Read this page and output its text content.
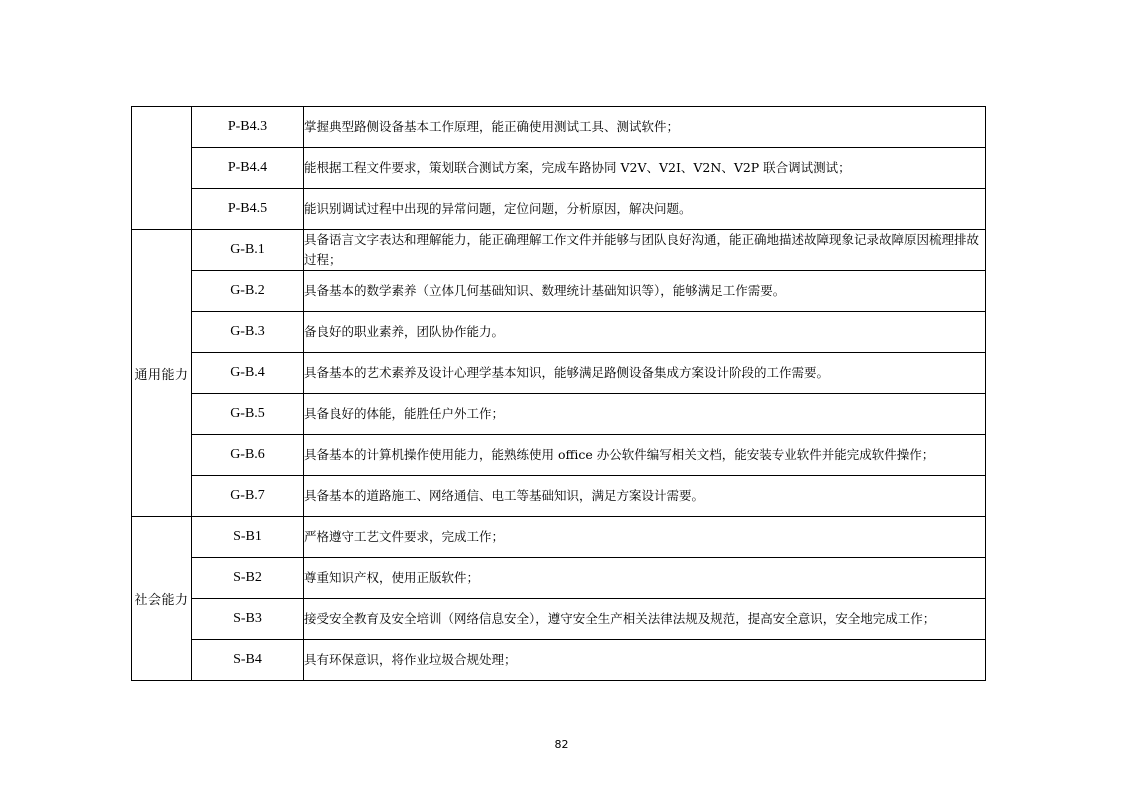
	P-B4.3	掌握典型路侧设备基本工作原理，能正确使用测试工具、测试软件；
	P-B4.4	能根据工程文件要求，策划联合测试方案，完成车路协同 V2V、V2I、V2N、V2P 联合调试测试；
	P-B4.5	能识别调试过程中出现的异常问题，定位问题，分析原因，解决问题。
通用能力	G-B.1	具备语言文字表达和理解能力，能正确理解工作文件并能够与团队良好沟通，能正确地描述故障现象记录故障原因梳理排故过程；
	G-B.2	具备基本的数学素养（立体几何基础知识、数理统计基础知识等），能够满足工作需要。
	G-B.3	备良好的职业素养，团队协作能力。
	G-B.4	具备基本的艺术素养及设计心理学基本知识，能够满足路侧设备集成方案设计阶段的工作需要。
	G-B.5	具备良好的体能，能胜任户外工作；
	G-B.6	具备基本的计算机操作使用能力，能熟练使用 office 办公软件编写相关文档，能安装专业软件并能完成软件操作；
	G-B.7	具备基本的道路施工、网络通信、电工等基础知识，满足方案设计需要。
社会能力	S-B1	严格遵守工艺文件要求，完成工作；
	S-B2	尊重知识产权，使用正版软件；
	S-B3	接受安全教育及安全培训（网络信息安全），遵守安全生产相关法律法规及规范，提高安全意识，安全地完成工作；
	S-B4	具有环保意识，将作业垃圾合规处理；
82
